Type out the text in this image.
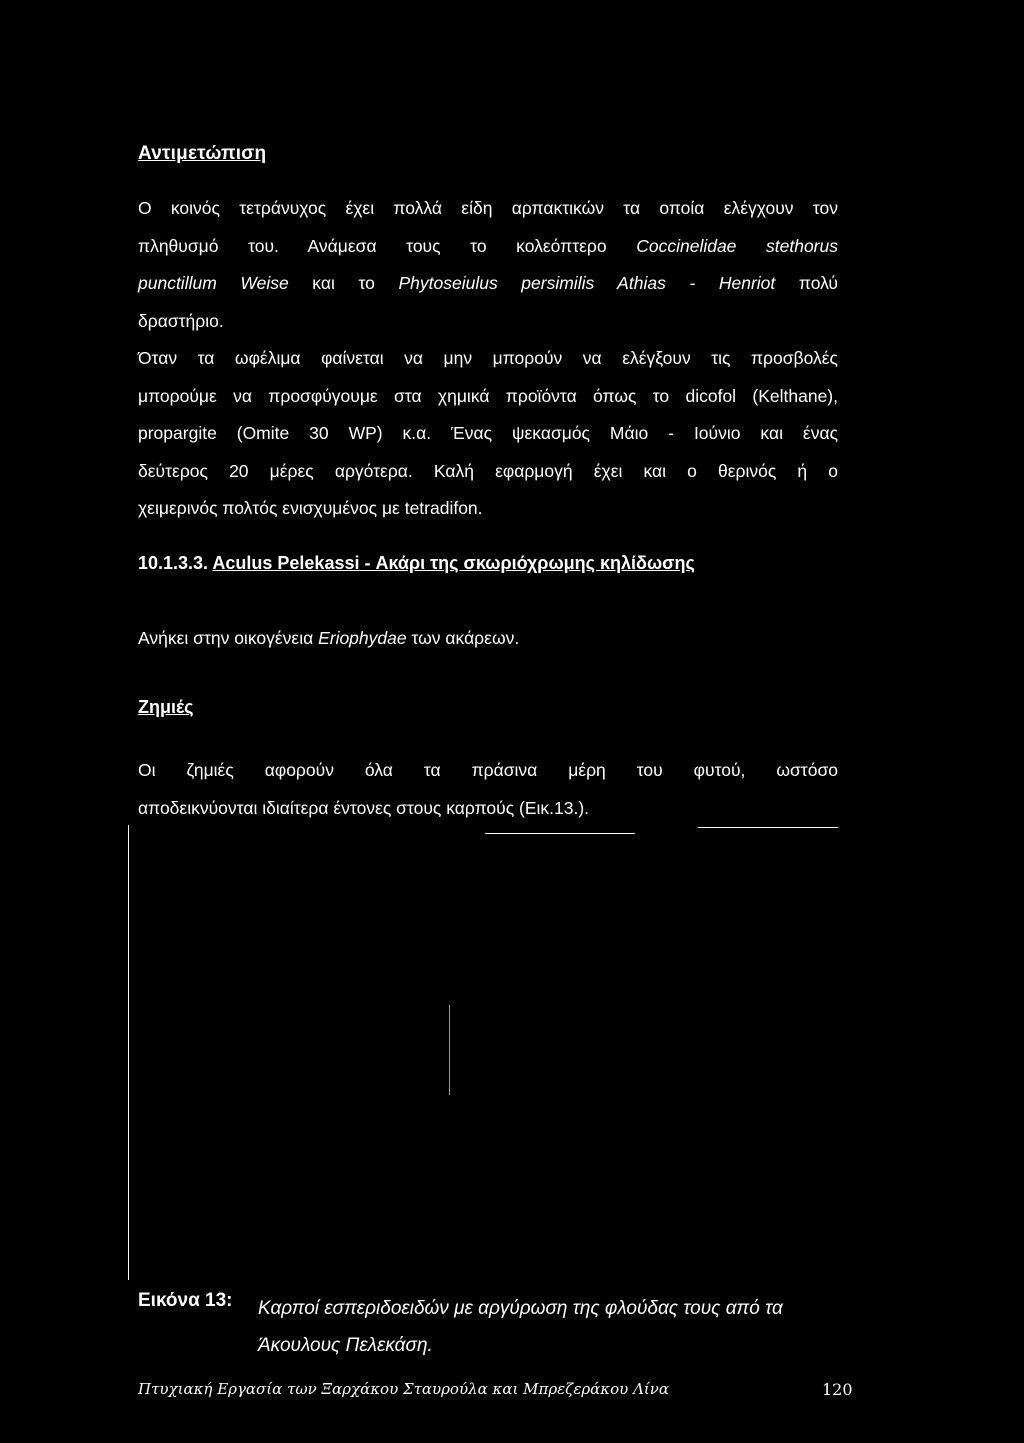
Αντιμετώπιση
Ο κοινός τετράνυχος έχει πολλά είδη αρπακτικών τα οποία ελέγχουν τον
πληθυσμό του. Ανάμεσα τους το κολεόπτερο Coccinelidae stethorus
punctillum Weise και το Phytoseiulus persimilis Athias - Henriot πολύ
δραστήριο.
Όταν τα ωφέλιμα φαίνεται να μην μπορούν να ελέγξουν τις προσβολές
μπορούμε να προσφύγουμε στα χημικά προϊόντα όπως το dicofol (Kelthane),
propargite (Omite 30 WP) κ.α. Ένας ψεκασμός Μάιο - Ιούνιο και ένας
δεύτερος 20 μέρες αργότερα. Καλή εφαρμογή έχει και ο θερινός ή ο
χειμερινός πολτός ενισχυμένος με tetradifon.
10.1.3.3. Aculus Pelekassi - Ακάρι της σκωριόχρωμης κηλίδωσης
Ανήκει στην οικογένεια Eriophydae των ακάρεων.
Ζημιές
Οι ζημιές αφορούν όλα τα πράσινα μέρη του φυτού, ωστόσο
αποδεικνύονται ιδιαίτερα έντονες στους καρπούς (Εικ.13.).
Εικόνα 13: Καρποί εσπεριδοειδών με αργύρωση της φλούδας τους από τα Άκουλους Πελεκάση.
Πτυχιακή Εργασία των Ξαρχάκου Σταυρούλα και Μπρεζεράκου Λίνα	120
